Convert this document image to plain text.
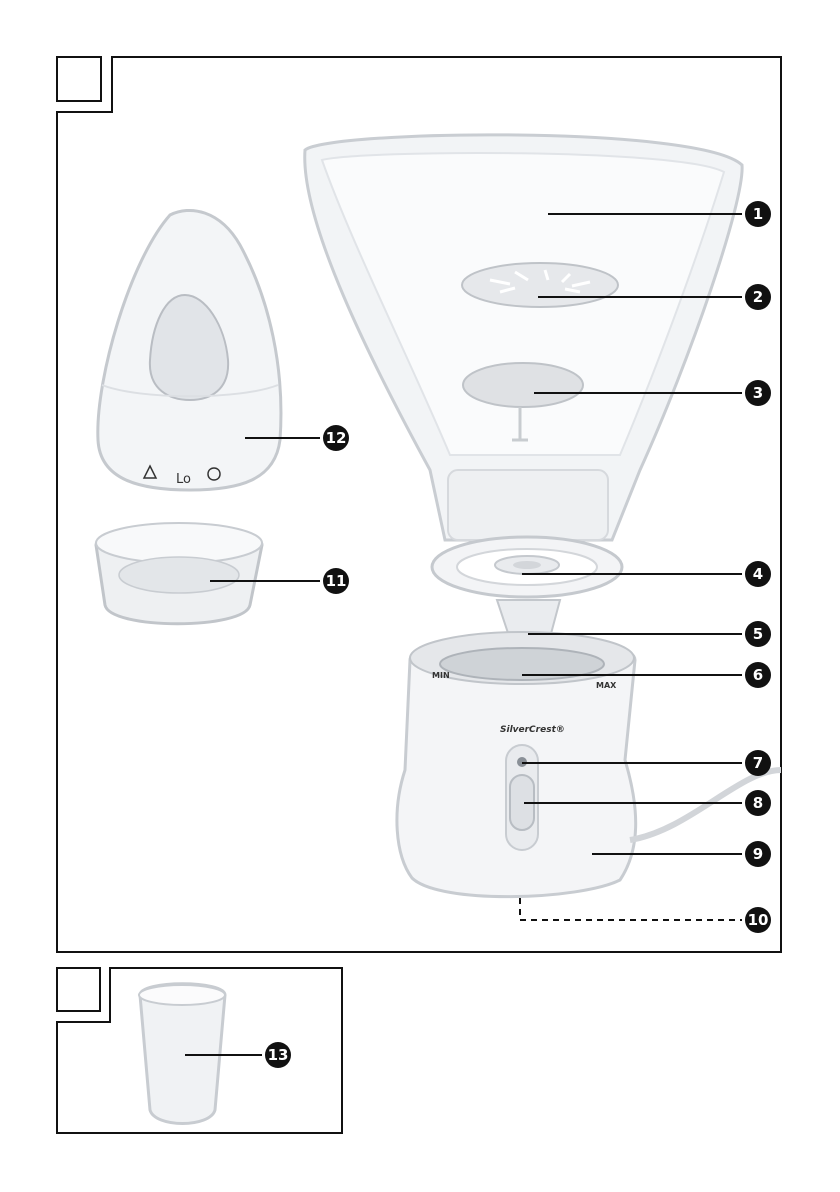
MIN
MAX
SilverCrest®
Lo
1
2
3
4
5
6
7
8
9
10
11
12
13
